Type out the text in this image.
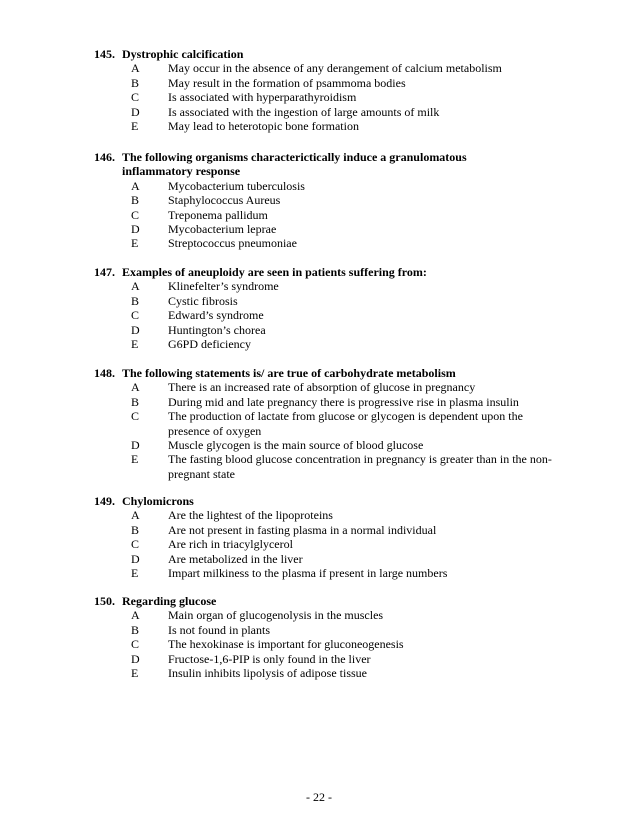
145. Dystrophic calcification
A	May occur in the absence of any derangement of calcium metabolism
B	May result in the formation of psammoma bodies
C	Is associated with hyperparathyroidism
D	Is associated with the ingestion of large amounts of milk
E	May lead to heterotopic bone formation
146. The following organisms characterictically induce a granulomatous inflammatory response
A	Mycobacterium tuberculosis
B	Staphylococcus Aureus
C	Treponema pallidum
D	Mycobacterium leprae
E	Streptococcus pneumoniae
147. Examples of aneuploidy are seen in patients suffering from:
A	Klinefelter’s syndrome
B	Cystic fibrosis
C	Edward’s syndrome
D	Huntington’s chorea
E	G6PD deficiency
148. The following statements is/ are true of carbohydrate metabolism
A	There is an increased rate of absorption of glucose in pregnancy
B	During mid and late pregnancy there is progressive rise in plasma insulin
C	The production of lactate from glucose or glycogen is dependent upon the presence of oxygen
D	Muscle glycogen is the main source of blood glucose
E	The fasting blood glucose concentration in pregnancy is greater than in the non-pregnant state
149. Chylomicrons
A	Are the lightest of the lipoproteins
B	Are not present in fasting plasma in a normal individual
C	Are rich in triacylglycerol
D	Are metabolized in the liver
E	Impart milkiness to the plasma if present in large numbers
150. Regarding glucose
A	Main organ of glucogenolysis in the muscles
B	Is not found in plants
C	The hexokinase is important for gluconeogenesis
D	Fructose-1,6-PIP is only found in the liver
E	Insulin inhibits lipolysis of adipose tissue
- 22 -
